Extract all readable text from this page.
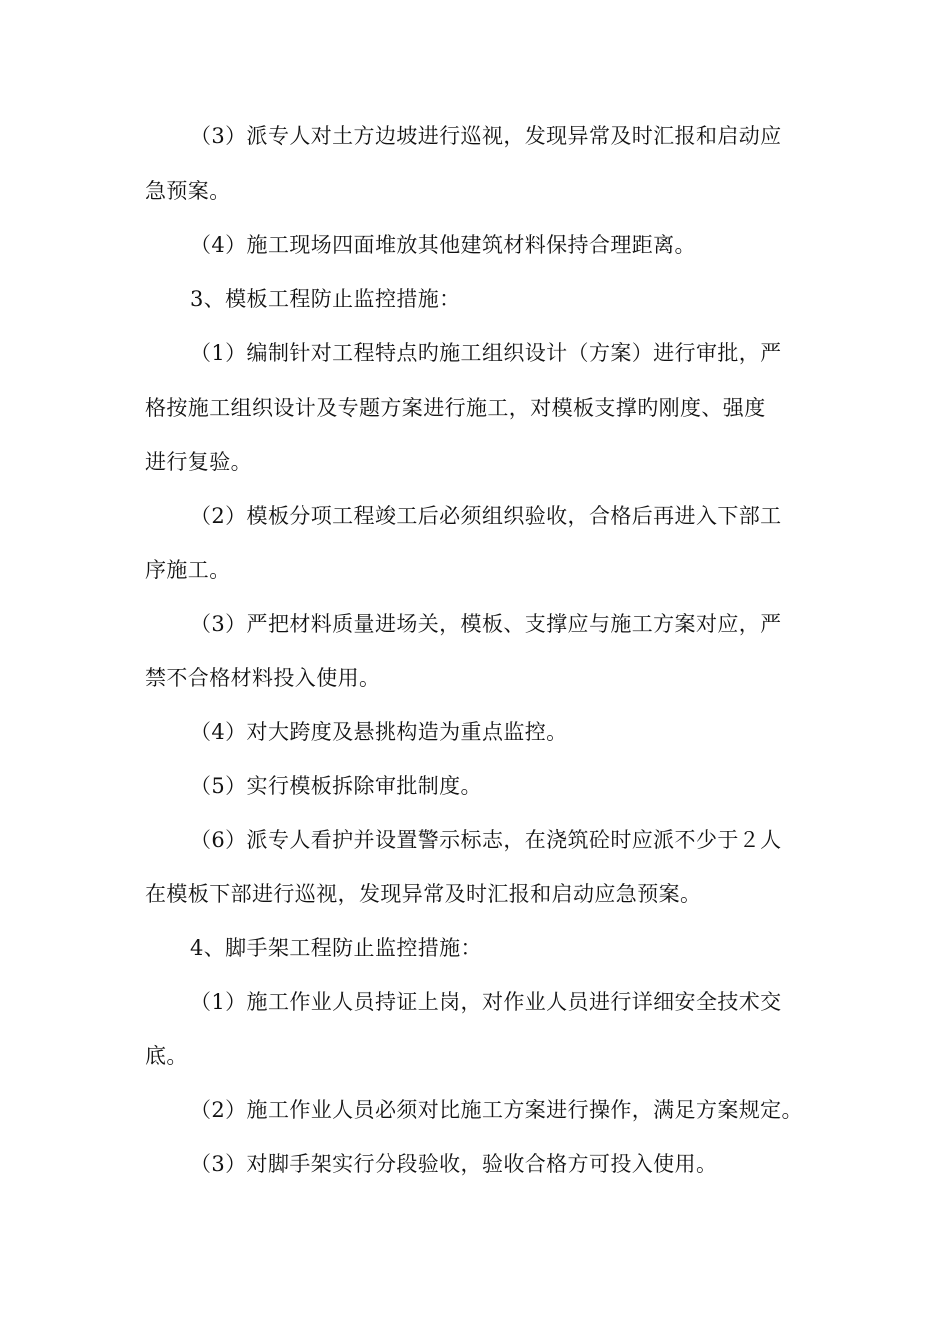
（3）派专人对土方边坡进行巡视，发现异常及时汇报和启动应
急预案。
（4）施工现场四面堆放其他建筑材料保持合理距离。
3、模板工程防止监控措施：
（1）编制针对工程特点旳施工组织设计（方案）进行审批，严
格按施工组织设计及专题方案进行施工，对模板支撑旳刚度、强度
进行复验。
（2）模板分项工程竣工后必须组织验收，合格后再进入下部工
序施工。
（3）严把材料质量进场关，模板、支撑应与施工方案对应，严
禁不合格材料投入使用。
（4）对大跨度及悬挑构造为重点监控。
（5）实行模板拆除审批制度。
（6）派专人看护并设置警示标志，在浇筑砼时应派不少于２人
在模板下部进行巡视，发现异常及时汇报和启动应急预案。
4、脚手架工程防止监控措施：
（1）施工作业人员持证上岗，对作业人员进行详细安全技术交
底。
（2）施工作业人员必须对比施工方案进行操作，满足方案规定。
（3）对脚手架实行分段验收，验收合格方可投入使用。
